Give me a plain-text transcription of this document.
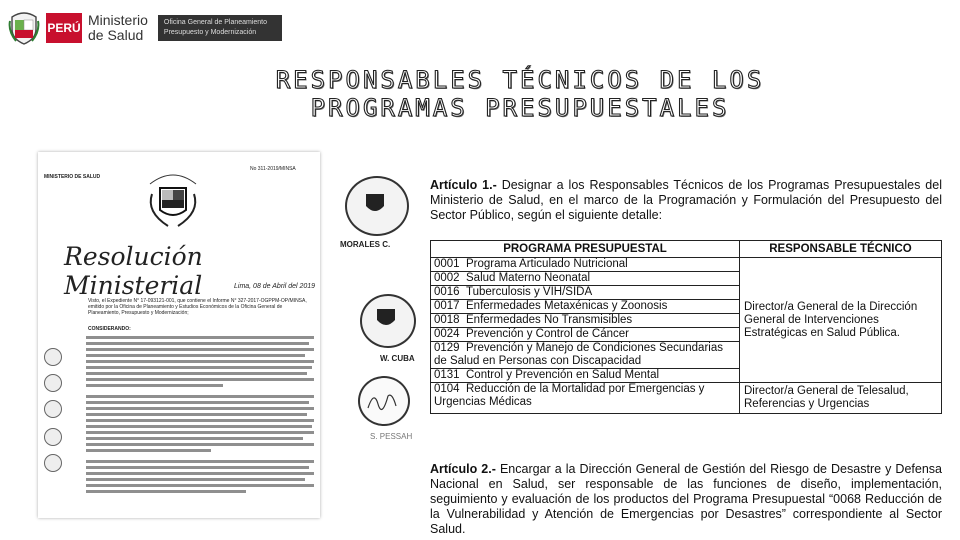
PERÚ Ministerio
de Salud
Oficina General de Planeamiento
Presupuesto y Modernización
RESPONSABLES TÉCNICOS DE LOS
PROGRAMAS PRESUPUESTALES
MINISTERIO DE SALUD
No 311-2019/MINSA
Resolución Ministerial	Lima, 08 de Abril del 2019
Visto, el Expediente N° 17-093121-001, que contiene el Informe N° 327-2017-OGPPM-OP/MINSA, emitido por la Oficina de Planeamiento y Estudios Económicos de la Oficina General de Planeamiento, Presupuesto y Modernización;
CONSIDERANDO:
MORALES C.
W. CUBA
S. PESSAH
Artículo 1.- Designar a los Responsables Técnicos de los Programas Presupuestales del Ministerio de Salud, en el marco de la Programación y Formulación del Presupuesto del Sector Público, según el siguiente detalle:
PROGRAMA PRESUPUESTAL	RESPONSABLE TÉCNICO
0001 Programa Articulado Nutricional	Director/a General de la Dirección General de Intervenciones Estratégicas en Salud Pública.
0002 Salud Materno Neonatal	
0016 Tuberculosis y VIH/SIDA	
0017 Enfermedades Metaxénicas y Zoonosis	
0018 Enfermedades No Transmisibles	
0024 Prevención y Control de Cáncer	
0129 Prevención y Manejo de Condiciones Secundarias de Salud en Personas con Discapacidad	
0131 Control y Prevención en Salud Mental	
0104 Reducción de la Mortalidad por Emergencias y Urgencias Médicas	Director/a General de Telesalud, Referencias y Urgencias
Artículo 2.- Encargar a la Dirección General de Gestión del Riesgo de Desastre y Defensa Nacional en Salud, ser responsable de las funciones de diseño, implementación, seguimiento y evaluación de los productos del Programa Presupuestal “0068 Reducción de la Vulnerabilidad y Atención de Emergencias por Desastres” correspondiente al Sector Salud.
